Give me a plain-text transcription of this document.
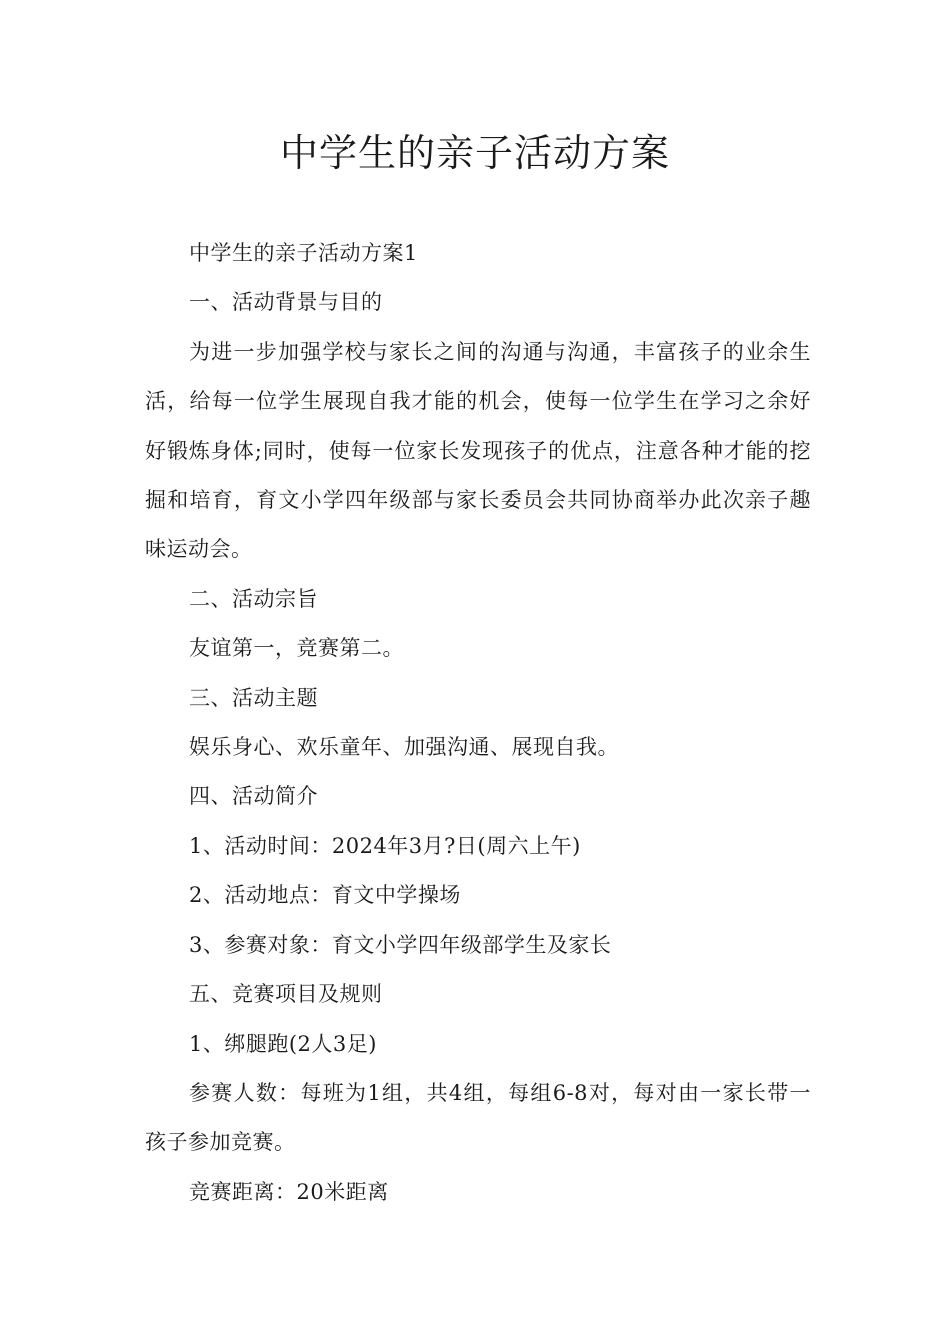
中学生的亲子活动方案

中学生的亲子活动方案1

一、活动背景与目的

为进一步加强学校与家长之间的沟通与沟通，丰富孩子的业余生活，给每一位学生展现自我才能的机会，使每一位学生在学习之余好好锻炼身体;同时，使每一位家长发现孩子的优点，注意各种才能的挖掘和培育，育文小学四年级部与家长委员会共同协商举办此次亲子趣味运动会。

二、活动宗旨

友谊第一，竞赛第二。

三、活动主题

娱乐身心、欢乐童年、加强沟通、展现自我。

四、活动简介

1、活动时间：2024年3月?日(周六上午)

2、活动地点：育文中学操场

3、参赛对象：育文小学四年级部学生及家长

五、竞赛项目及规则

1、绑腿跑(2人3足)

参赛人数：每班为1组，共4组，每组6-8对，每对由一家长带一孩子参加竞赛。

竞赛距离：20米距离
